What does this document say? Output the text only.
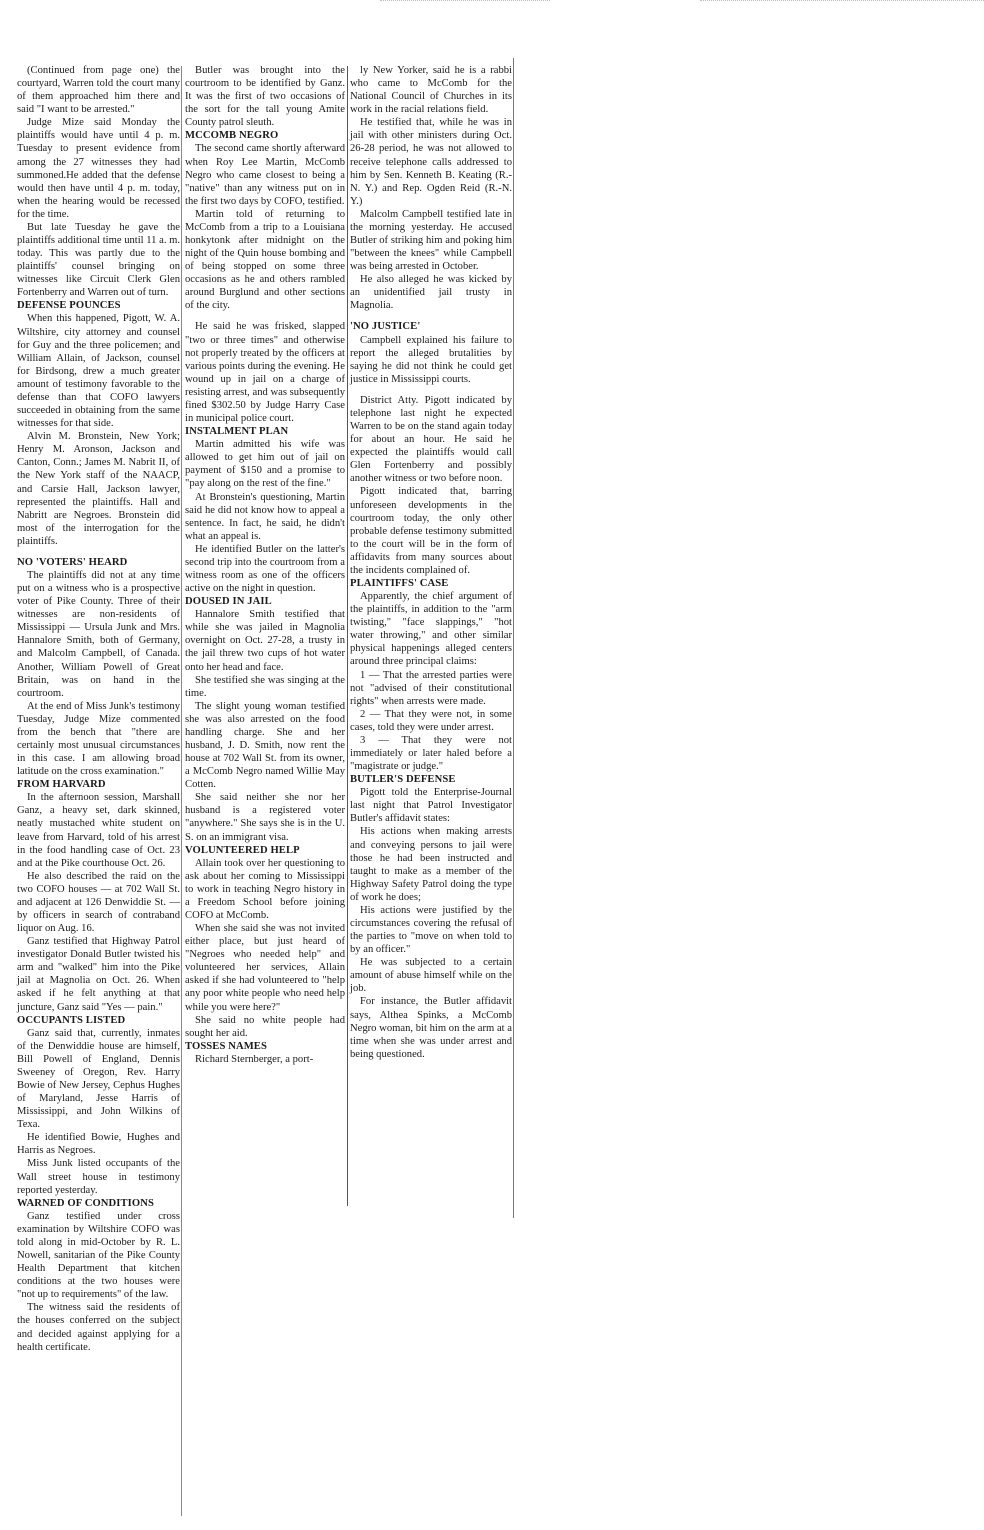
(Continued from page one) the courtyard, Warren told the court many of them approached him there and said "I want to be arrested."

Judge Mize said Monday the plaintiffs would have until 4 p. m. Tuesday to present evidence from among the 27 witnesses they had summoned.He added that the defense would then have until 4 p. m. today, when the hearing would be recessed for the time.

But late Tuesday he gave the plaintiffs additional time until 11 a. m. today. This was partly due to the plaintiffs' counsel bringing on witnesses like Circuit Clerk Glen Fortenberry and Warren out of turn.

DEFENSE POUNCES

When this happened, Pigott, W. A. Wiltshire, city attorney and counsel for Guy and the three policemen; and William Allain, of Jackson, counsel for Birdsong, drew a much greater amount of testimony favorable to the defense than that COFO lawyers succeeded in obtaining from the same witnesses for that side.

Alvin M. Bronstein, New York; Henry M. Aronson, Jackson and Canton, Conn.; James M. Nabrit II, of the New York staff of the NAACP, and Carsie Hall, Jackson lawyer, represented the plaintiffs. Hall and Nabritt are Negroes. Bronstein did most of the interrogation for the plaintiffs.

NO 'VOTERS' HEARD

The plaintiffs did not at any time put on a witness who is a prospective voter of Pike County. Three of their witnesses are non-residents of Mississippi — Ursula Junk and Mrs. Hannalore Smith, both of Germany, and Malcolm Campbell, of Canada. Another, William Powell of Great Britain, was on hand in the courtroom.

At the end of Miss Junk's testimony Tuesday, Judge Mize commented from the bench that "there are certainly most unusual circumstances in this case. I am allowing broad latitude on the cross examination."

FROM HARVARD

In the afternoon session, Marshall Ganz, a heavy set, dark skinned, neatly mustached white student on leave from Harvard, told of his arrest in the food handling case of Oct. 23 and at the Pike courthouse Oct. 26.

He also described the raid on the two COFO houses — at 702 Wall St. and adjacent at 126 Denwiddie St. — by officers in search of contraband liquor on Aug. 16.

Ganz testified that Highway Patrol investigator Donald Butler twisted his arm and "walked" him into the Pike jail at Magnolia on Oct. 26. When asked if he felt anything at that juncture, Ganz said "Yes — pain."

OCCUPANTS LISTED

Ganz said that, currently, inmates of the Denwiddie house are himself, Bill Powell of England, Dennis Sweeney of Oregon, Rev. Harry Bowie of New Jersey, Cephus Hughes of Maryland, Jesse Harris of Mississippi, and John Wilkins of Texa.

He identified Bowie, Hughes and Harris as Negroes.

Miss Junk listed occupants of the Wall street house in testimony reported yesterday.

WARNED OF CONDITIONS

Ganz testified under cross examination by Wiltshire COFO was told along in mid-October by R. L. Nowell, sanitarian of the Pike County Health Department that kitchen conditions at the two houses were "not up to requirements" of the law.

The witness said the residents of the houses conferred on the subject and decided against applying for a health certificate.

Butler was brought into the courtroom to be identified by Ganz. It was the first of two occasions of the sort for the tall young Amite County patrol sleuth.

MCCOMB NEGRO

The second came shortly afterward when Roy Lee Martin, McComb Negro who came closest to being a "native" than any witness put on in the first two days by COFO, testified.

Martin told of returning to McComb from a trip to a Louisiana honkytonk after midnight on the night of the Quin house bombing and of being stopped on some three occasions as he and others rambled around Burglund and other sections of the city.

He said he was frisked, slapped "two or three times" and otherwise not properly treated by the officers at various points during the evening. He wound up in jail on a charge of resisting arrest, and was subsequently fined $302.50 by Judge Harry Case in municipal police court.

INSTALMENT PLAN

Martin admitted his wife was allowed to get him out of jail on payment of $150 and a promise to "pay along on the rest of the fine."

At Bronstein's questioning, Martin said he did not know how to appeal a sentence. In fact, he said, he didn't what an appeal is.

He identified Butler on the latter's second trip into the courtroom from a witness room as one of the officers active on the night in question.

DOUSED IN JAIL

Hannalore Smith testified that while she was jailed in Magnolia overnight on Oct. 27-28, a trusty in the jail threw two cups of hot water onto her head and face.

She testified she was singing at the time.

The slight young woman testified she was also arrested on the food handling charge. She and her husband, J. D. Smith, now rent the house at 702 Wall St. from its owner, a McComb Negro named Willie May Cotten.

She said neither she nor her husband is a registered voter "anywhere." She says she is in the U. S. on an immigrant visa.

VOLUNTEERED HELP

Allain took over her questioning to ask about her coming to Mississippi to work in teaching Negro history in a Freedom School before joining COFO at McComb.

When she said she was not invited either place, but just heard of "Negroes who needed help" and volunteered her services, Allain asked if she had volunteered to "help any poor white people who need help while you were here?"

She said no white people had sought her aid.

TOSSES NAMES

Richard Sternberger, a port-

ly New Yorker, said he is a rabbi who came to McComb for the National Council of Churches in its work in the racial relations field.

He testified that, while he was in jail with other ministers during Oct. 26-28 period, he was not allowed to receive telephone calls addressed to him by Sen. Kenneth B. Keating (R.-N. Y.) and Rep. Ogden Reid (R.-N. Y.)

Malcolm Campbell testified late in the morning yesterday. He accused Butler of striking him and poking him "between the knees" while Campbell was being arrested in October.

He also alleged he was kicked by an unidentified jail trusty in Magnolia.

'NO JUSTICE'

Campbell explained his failure to report the alleged brutalities by saying he did not think he could get justice in Mississippi courts.

District Atty. Pigott indicated by telephone last night he expected Warren to be on the stand again today for about an hour. He said he expected the plaintiffs would call Glen Fortenberry and possibly another witness or two before noon.

Pigott indicated that, barring unforeseen developments in the courtroom today, the only other probable defense testimony submitted to the court will be in the form of affidavits from many sources about the incidents complained of.

PLAINTIFFS' CASE

Apparently, the chief argument of the plaintiffs, in addition to the "arm twisting," "face slappings," "hot water throwing," and other similar physical happenings alleged centers around three principal claims:

1 — That the arrested parties were not "advised of their constitutional rights" when arrests were made.

2 — That they were not, in some cases, told they were under arrest.

3 — That they were not immediately or later haled before a "magistrate or judge."

BUTLER'S DEFENSE

Pigott told the Enterprise-Journal last night that Patrol Investigator Butler's affidavit states:

His actions when making arrests and conveying persons to jail were those he had been instructed and taught to make as a member of the Highway Safety Patrol doing the type of work he does;

His actions were justified by the circumstances covering the refusal of the parties to "move on when told to by an officer."

He was subjected to a certain amount of abuse himself while on the job.

For instance, the Butler affidavit says, Althea Spinks, a McComb Negro woman, bit him on the arm at a time when she was under arrest and being questioned.
